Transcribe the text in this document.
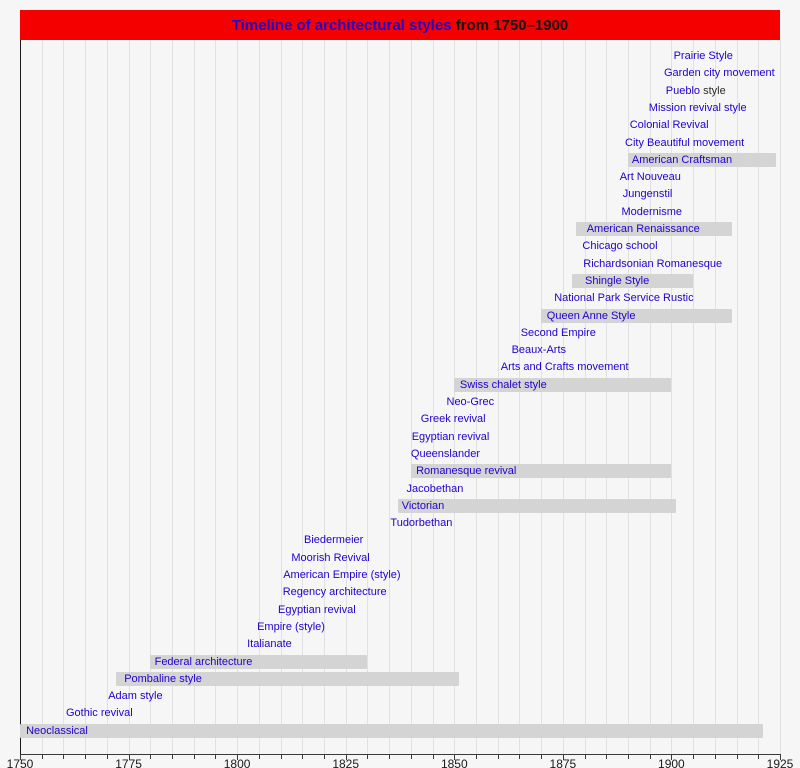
Timeline of architectural styles from 1750–1900
Prairie Style
Garden city movement
Pueblo style
Mission revival style
Colonial Revival
City Beautiful movement
American Craftsman
Art Nouveau
Jungenstil
Modernisme
American Renaissance
Chicago school
Richardsonian Romanesque
Shingle Style
National Park Service Rustic
Queen Anne Style
Second Empire
Beaux-Arts
Arts and Crafts movement
Swiss chalet style
Neo-Grec
Greek revival
Egyptian revival
Queenslander
Romanesque revival
Jacobethan
Victorian
Tudorbethan
Biedermeier
Moorish Revival
American Empire (style)
Regency architecture
Egyptian revival
Empire (style)
Italianate
Federal architecture
Pombaline style
Adam style
Gothic revival
Neoclassical
1750	1775	1800	1825	1850	1875	1900	1925
